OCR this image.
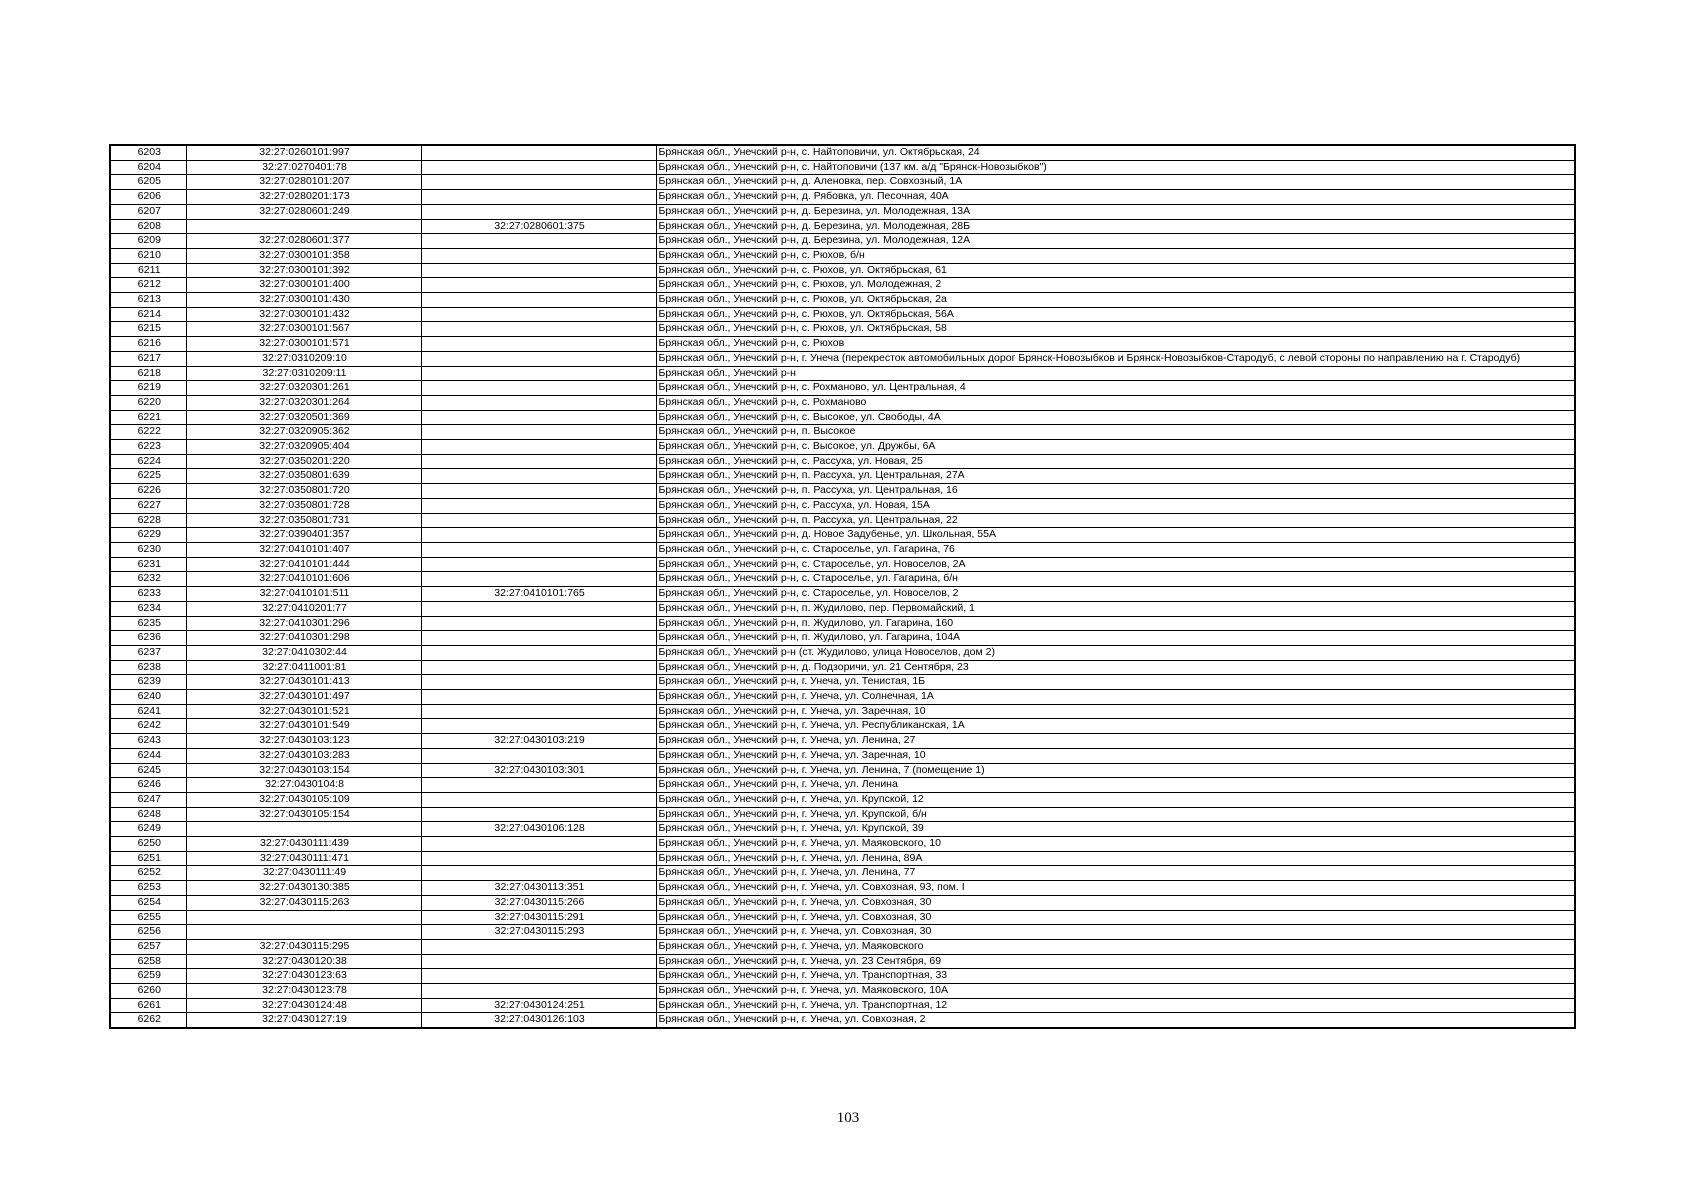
6203	32:27:0260101:997		Брянская обл., Унечский р-н, с. Найтоповичи, ул. Октябрьская, 24
6204	32:27:0270401:78		Брянская обл., Унечский р-н, с. Найтоповичи (137 км. а/д "Брянск-Новозыбков")
6205	32:27:0280101:207		Брянская обл., Унечский р-н, д. Аленовка, пер. Совхозный, 1А
6206	32:27:0280201:173		Брянская обл., Унечский р-н, д. Рябовка, ул. Песочная, 40А
6207	32:27:0280601:249		Брянская обл., Унечский р-н, д. Березина, ул. Молодежная, 13А
6208		32:27:0280601:375	Брянская обл., Унечский р-н, д. Березина, ул. Молодежная, 28Б
6209	32:27:0280601:377		Брянская обл., Унечский р-н, д. Березина, ул. Молодежная, 12А
6210	32:27:0300101:358		Брянская обл., Унечский р-н, с. Рюхов, б/н
6211	32:27:0300101:392		Брянская обл., Унечский р-н, с. Рюхов, ул. Октябрьская, 61
6212	32:27:0300101:400		Брянская обл., Унечский р-н, с. Рюхов, ул. Молодежная, 2
6213	32:27:0300101:430		Брянская обл., Унечский р-н, с. Рюхов, ул. Октябрьская, 2а
6214	32:27:0300101:432		Брянская обл., Унечский р-н, с. Рюхов, ул. Октябрьская, 56А
6215	32:27:0300101:567		Брянская обл., Унечский р-н, с. Рюхов, ул. Октябрьская, 58
6216	32:27:0300101:571		Брянская обл., Унечский р-н, с. Рюхов
6217	32:27:0310209:10		Брянская обл., Унечский р-н, г. Унеча (перекресток автомобильных дорог Брянск-Новозыбков и Брянск-Новозыбков-Стародуб, с левой стороны по направлению на г. Стародуб)
6218	32:27:0310209:11		Брянская обл., Унечский р-н
6219	32:27:0320301:261		Брянская обл., Унечский р-н, с. Рохманово, ул. Центральная, 4
6220	32:27:0320301:264		Брянская обл., Унечский р-н, с. Рохманово
6221	32:27:0320501:369		Брянская обл., Унечский р-н, с. Высокое, ул. Свободы, 4А
6222	32:27:0320905:362		Брянская обл., Унечский р-н, п. Высокое
6223	32:27:0320905:404		Брянская обл., Унечский р-н, с. Высокое, ул. Дружбы, 6А
6224	32:27:0350201:220		Брянская обл., Унечский р-н, с. Рассуха, ул. Новая, 25
6225	32:27:0350801:639		Брянская обл., Унечский р-н, п. Рассуха, ул. Центральная, 27А
6226	32:27:0350801:720		Брянская обл., Унечский р-н, п. Рассуха, ул. Центральная, 16
6227	32:27:0350801:728		Брянская обл., Унечский р-н, с. Рассуха, ул. Новая, 15А
6228	32:27:0350801:731		Брянская обл., Унечский р-н, п. Рассуха, ул. Центральная, 22
6229	32:27:0390401:357		Брянская обл., Унечский р-н, д. Новое Задубенье, ул. Школьная, 55А
6230	32:27:0410101:407		Брянская обл., Унечский р-н, с. Старосельe, ул. Гагарина, 76
6231	32:27:0410101:444		Брянская обл., Унечский р-н, с. Старосельe, ул. Новоселов, 2А
6232	32:27:0410101:606		Брянская обл., Унечский р-н, с. Старосельe, ул. Гагарина, б/н
6233	32:27:0410101:511	32:27:0410101:765	Брянская обл., Унечский р-н, с. Старосельe, ул. Новоселов, 2
6234	32:27:0410201:77		Брянская обл., Унечский р-н, п. Жудилово, пер. Первомайский, 1
6235	32:27:0410301:296		Брянская обл., Унечский р-н, п. Жудилово, ул. Гагарина, 160
6236	32:27:0410301:298		Брянская обл., Унечский р-н, п. Жудилово, ул. Гагарина, 104А
6237	32:27:0410302:44		Брянская обл., Унечский р-н (ст. Жудилово, улица Новоселов, дом 2)
6238	32:27:0411001:81		Брянская обл., Унечский р-н, д. Подзоричи, ул. 21 Сентября, 23
6239	32:27:0430101:413		Брянская обл., Унечский р-н, г. Унеча, ул. Тенистая, 1Б
6240	32:27:0430101:497		Брянская обл., Унечский р-н, г. Унеча, ул. Солнечная, 1А
6241	32:27:0430101:521		Брянская обл., Унечский р-н, г. Унеча, ул. Заречная, 10
6242	32:27:0430101:549		Брянская обл., Унечский р-н, г. Унеча, ул. Республиканская, 1А
6243	32:27:0430103:123	32:27:0430103:219	Брянская обл., Унечский р-н, г. Унеча, ул. Ленина, 27
6244	32:27:0430103:283		Брянская обл., Унечский р-н, г. Унеча, ул. Заречная, 10
6245	32:27:0430103:154	32:27:0430103:301	Брянская обл., Унечский р-н, г. Унеча, ул. Ленина, 7 (помещение 1)
6246	32:27:0430104:8		Брянская обл., Унечский р-н, г. Унеча, ул. Ленина
6247	32:27:0430105:109		Брянская обл., Унечский р-н, г. Унеча, ул. Крупской, 12
6248	32:27:0430105:154		Брянская обл., Унечский р-н, г. Унеча, ул. Крупской, б/н
6249		32:27:0430106:128	Брянская обл., Унечский р-н, г. Унеча, ул. Крупской, 39
6250	32:27:0430111:439		Брянская обл., Унечский р-н, г. Унеча, ул. Маяковского, 10
6251	32:27:0430111:471		Брянская обл., Унечский р-н, г. Унеча, ул. Ленина, 89А
6252	32:27:0430111:49		Брянская обл., Унечский р-н, г. Унеча, ул. Ленина, 77
6253	32:27:0430130:385	32:27:0430113:351	Брянская обл., Унечский р-н, г. Унеча, ул. Совхозная, 93, пом. I
6254	32:27:0430115:263	32:27:0430115:266	Брянская обл., Унечский р-н, г. Унеча, ул. Совхозная, 30
6255		32:27:0430115:291	Брянская обл., Унечский р-н, г. Унеча, ул. Совхозная, 30
6256		32:27:0430115:293	Брянская обл., Унечский р-н, г. Унеча, ул. Совхозная, 30
6257	32:27:0430115:295		Брянская обл., Унечский р-н, г. Унеча, ул. Маяковского
6258	32:27:0430120:38		Брянская обл., Унечский р-н, г. Унеча, ул. 23 Сентября, 69
6259	32:27:0430123:63		Брянская обл., Унечский р-н, г. Унеча, ул. Транспортная, 33
6260	32:27:0430123:78		Брянская обл., Унечский р-н, г. Унеча, ул. Маяковского, 10А
6261	32:27:0430124:48	32:27:0430124:251	Брянская обл., Унечский р-н, г. Унеча, ул. Транспортная, 12
6262	32:27:0430127:19	32:27:0430126:103	Брянская обл., Унечский р-н, г. Унеча, ул. Совхозная, 2
103
